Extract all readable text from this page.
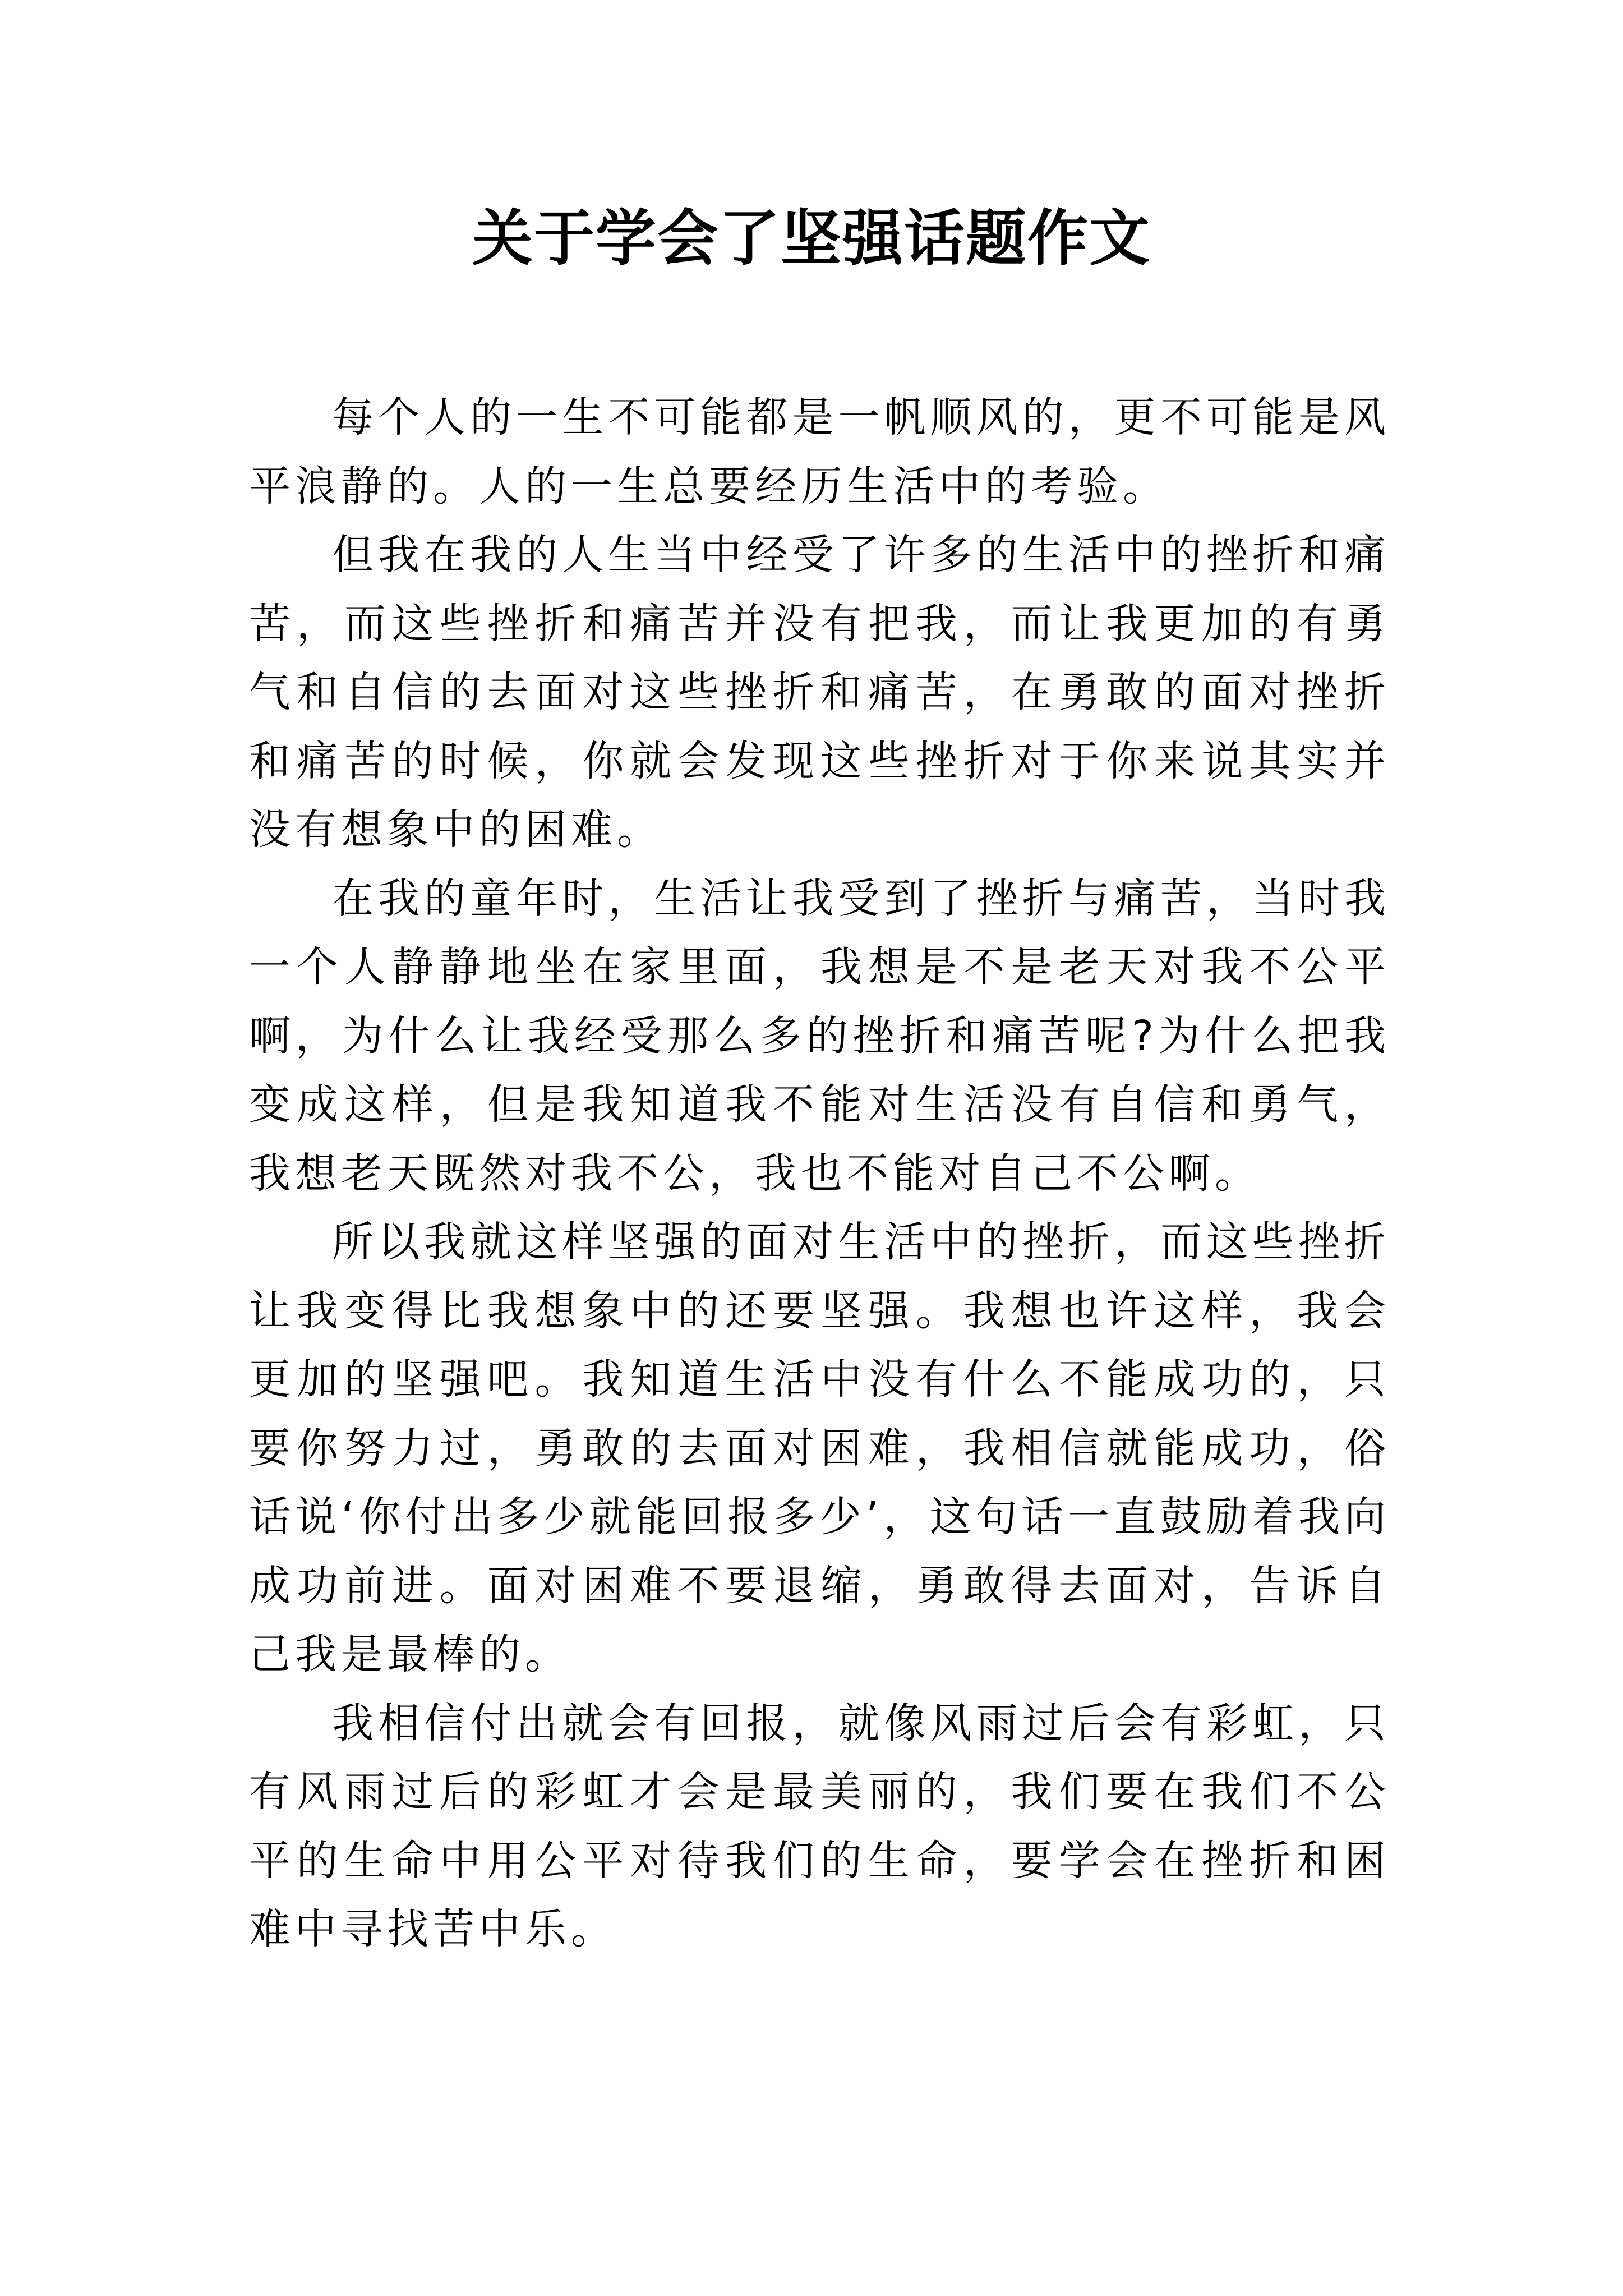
关于学会了坚强话题作文

每个人的一生不可能都是一帆顺风的，更不可能是风平浪静的。人的一生总要经历生活中的考验。

但我在我的人生当中经受了许多的生活中的挫折和痛苦，而这些挫折和痛苦并没有把我，而让我更加的有勇气和自信的去面对这些挫折和痛苦，在勇敢的面对挫折和痛苦的时候，你就会发现这些挫折对于你来说其实并没有想象中的困难。

在我的童年时，生活让我受到了挫折与痛苦，当时我一个人静静地坐在家里面，我想是不是老天对我不公平啊，为什么让我经受那么多的挫折和痛苦呢?为什么把我变成这样，但是我知道我不能对生活没有自信和勇气，我想老天既然对我不公，我也不能对自己不公啊。

所以我就这样坚强的面对生活中的挫折，而这些挫折让我变得比我想象中的还要坚强。我想也许这样，我会更加的坚强吧。我知道生活中没有什么不能成功的，只要你努力过，勇敢的去面对困难，我相信就能成功，俗话说‘你付出多少就能回报多少’，这句话一直鼓励着我向成功前进。面对困难不要退缩，勇敢得去面对，告诉自己我是最棒的。

我相信付出就会有回报，就像风雨过后会有彩虹，只有风雨过后的彩虹才会是最美丽的，我们要在我们不公平的生命中用公平对待我们的生命，要学会在挫折和困难中寻找苦中乐。
